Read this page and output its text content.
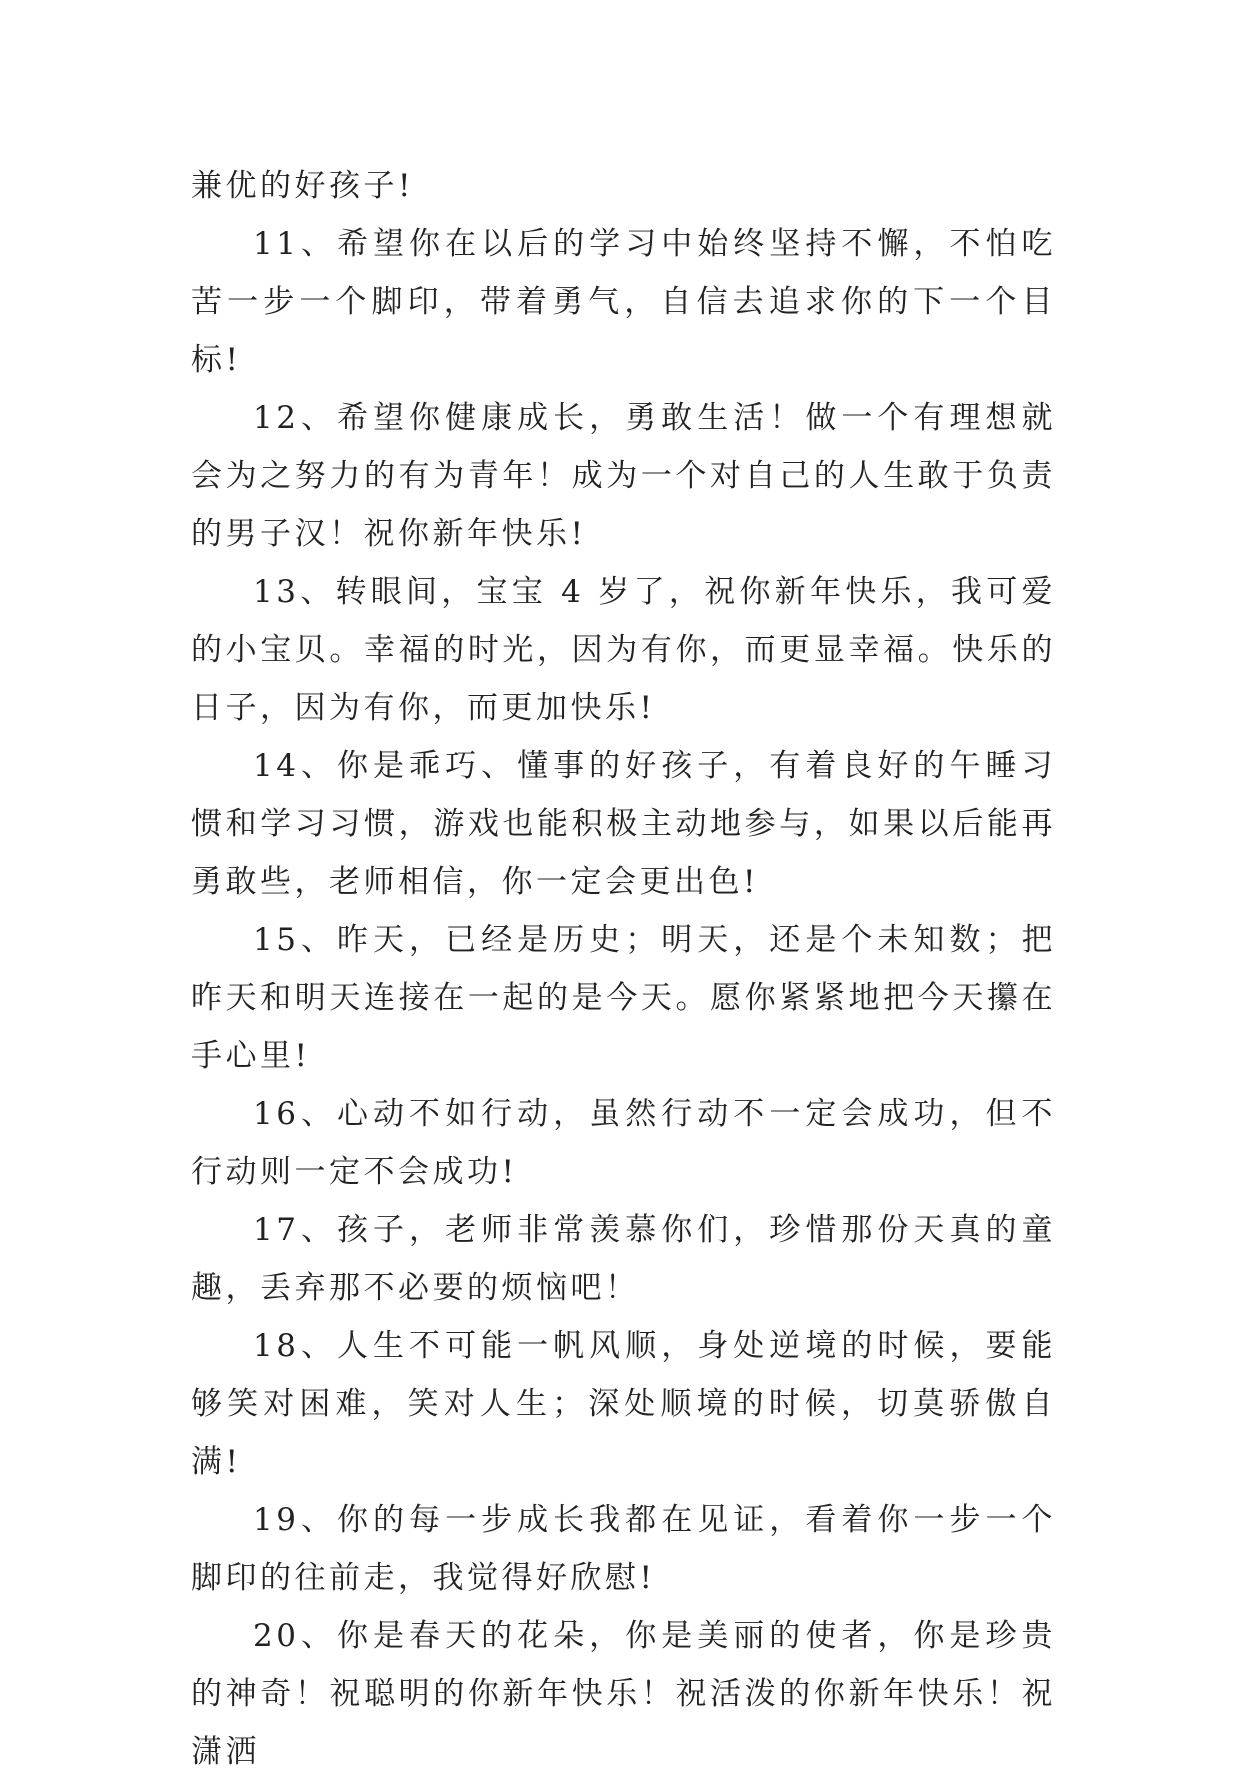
兼优的好孩子!

11、希望你在以后的学习中始终坚持不懈，不怕吃苦一步一个脚印，带着勇气，自信去追求你的下一个目标!

12、希望你健康成长，勇敢生活！做一个有理想就会为之努力的有为青年！成为一个对自己的人生敢于负责的男子汉！祝你新年快乐!

13、转眼间，宝宝 4 岁了，祝你新年快乐，我可爱的小宝贝。幸福的时光，因为有你，而更显幸福。快乐的日子，因为有你，而更加快乐!

14、你是乖巧、懂事的好孩子，有着良好的午睡习惯和学习习惯，游戏也能积极主动地参与，如果以后能再勇敢些，老师相信，你一定会更出色!

15、昨天，已经是历史；明天，还是个未知数；把昨天和明天连接在一起的是今天。愿你紧紧地把今天攥在手心里!

16、心动不如行动，虽然行动不一定会成功，但不行动则一定不会成功!

17、孩子，老师非常羡慕你们，珍惜那份天真的童趣，丢弃那不必要的烦恼吧！

18、人生不可能一帆风顺，身处逆境的时候，要能够笑对困难，笑对人生；深处顺境的时候，切莫骄傲自满!

19、你的每一步成长我都在见证，看着你一步一个脚印的往前走，我觉得好欣慰!

20、你是春天的花朵，你是美丽的使者，你是珍贵的神奇！祝聪明的你新年快乐！祝活泼的你新年快乐！祝潇洒
